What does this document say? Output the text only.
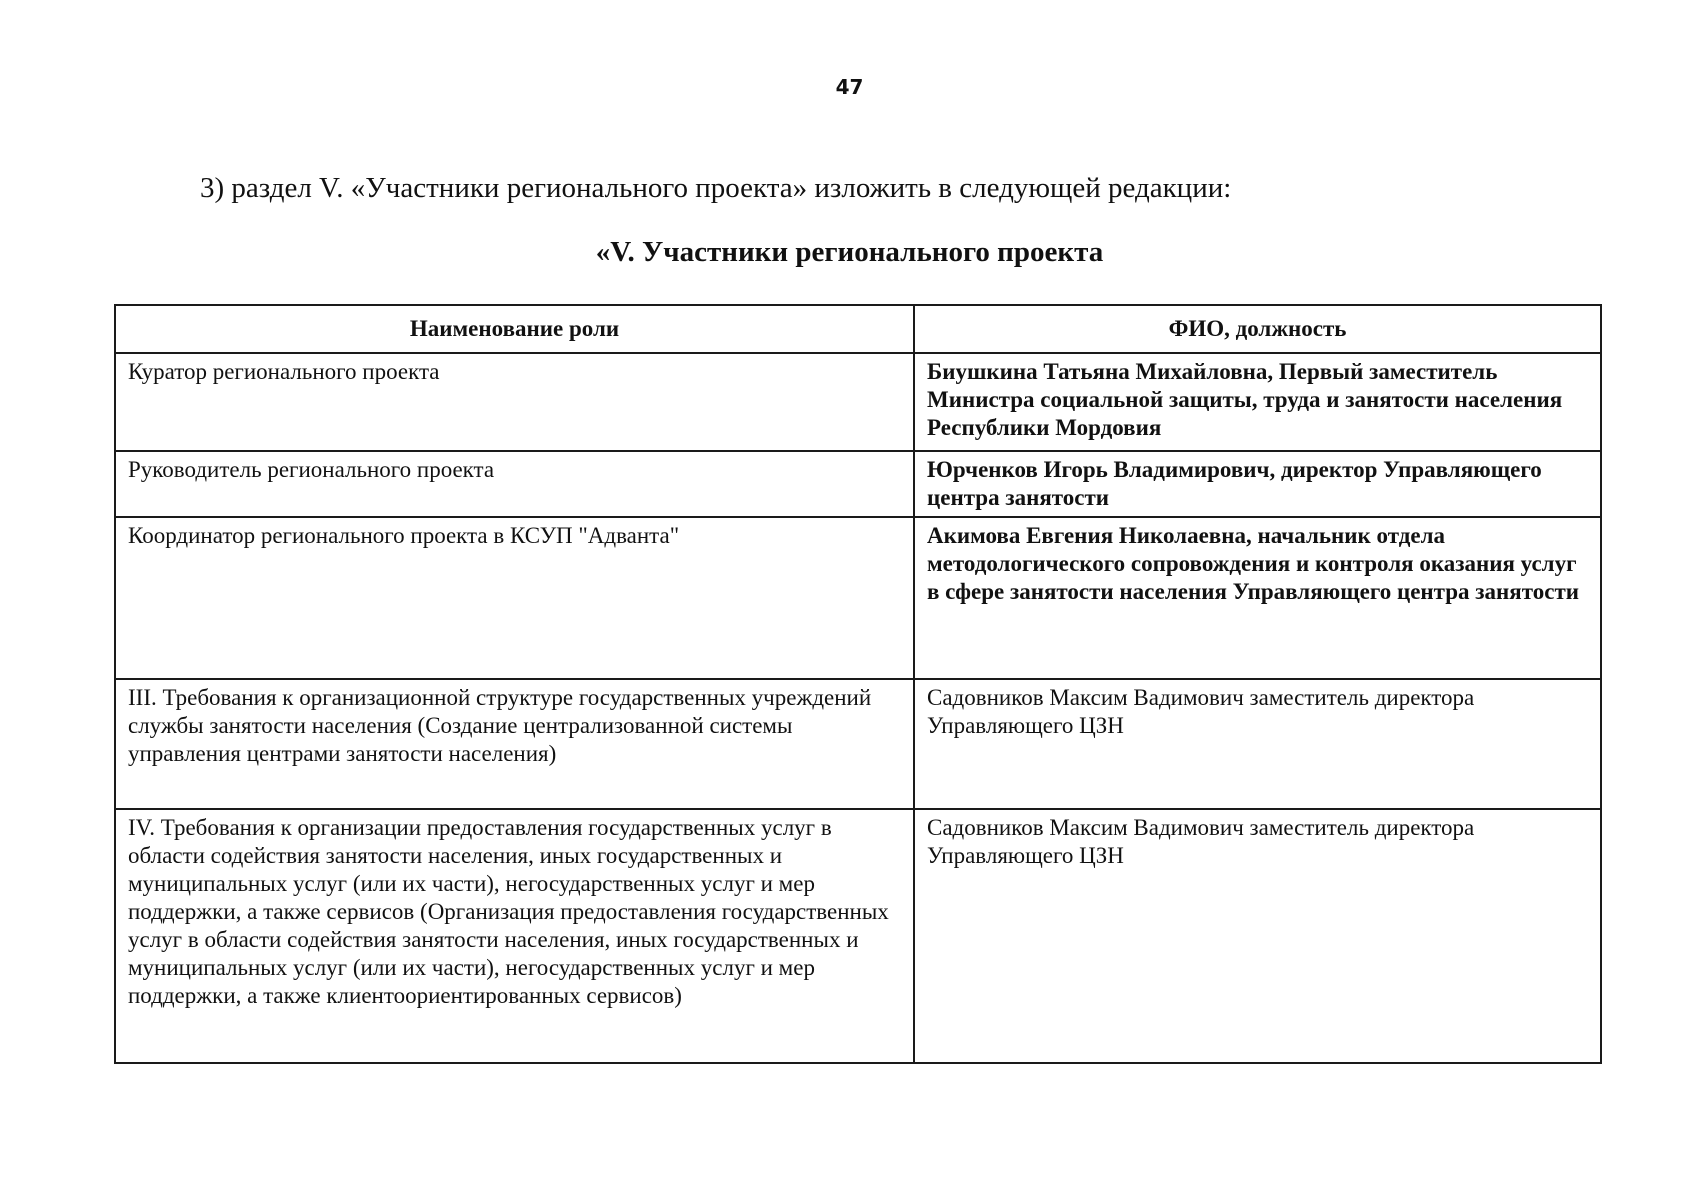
47
3) раздел V. «Участники регионального проекта» изложить в следующей редакции:
«V. Участники регионального проекта
Наименование роли	ФИО, должность
Куратор регионального проекта	Биушкина Татьяна Михайловна, Первый заместитель Министра социальной защиты, труда и занятости населения Республики Мордовия
Руководитель регионального проекта	Юрченков Игорь Владимирович, директор Управляющего центра занятости
Координатор регионального проекта в КСУП "Адванта"	Акимова Евгения Николаевна, начальник отдела методологического сопровождения и контроля оказания услуг в сфере занятости населения Управляющего центра занятости
III. Требования к организационной структуре государственных учреждений службы занятости населения (Создание централизованной системы управления центрами занятости населения)	Садовников Максим Вадимович заместитель директора Управляющего ЦЗН
IV. Требования к организации предоставления государственных услуг в области содействия занятости населения, иных государственных и муниципальных услуг (или их части), негосударственных услуг и мер поддержки, а также сервисов (Организация предоставления государственных услуг в области содействия занятости населения, иных государственных и муниципальных услуг (или их части), негосударственных услуг и мер поддержки, а также клиентоориентированных сервисов)	Садовников Максим Вадимович заместитель директора Управляющего ЦЗН
